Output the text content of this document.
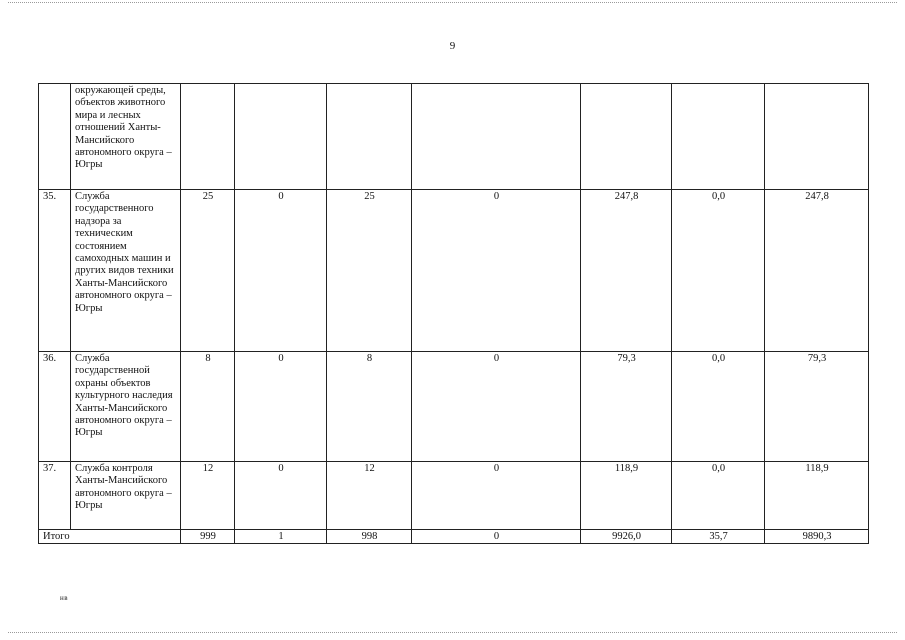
9
	окружающей среды, объектов животного мира и лесных отношений Ханты-Мансийского автономного округа – Югры								
35.	Служба государственного надзора за техническим состоянием самоходных машин и других видов техники Ханты-Мансийского автономного округа – Югры	25	0	25	0	247,8	0,0	247,8	
36.	Служба государственной охраны объектов культурного наследия Ханты-Мансийского автономного округа – Югры	8	0	8	0	79,3	0,0	79,3	
37.	Служба контроля Ханты-Мансийского автономного округа – Югры	12	0	12	0	118,9	0,0	118,9	
Итого		999	1	998	0	9926,0	35,7	9890,3	
нв
